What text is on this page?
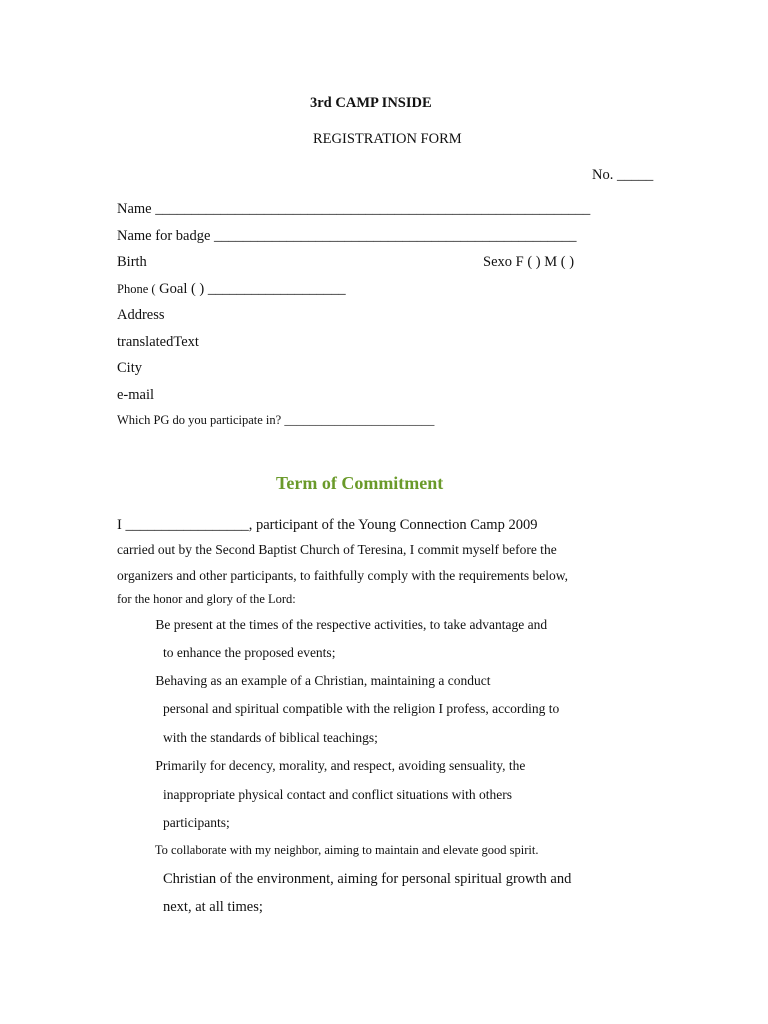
3rd CAMP INSIDE
REGISTRATION FORM
No. _____
Name ____________________________________________________________
Name for badge __________________________________________________
Birth	Sexo F ( ) M ( )
Phone ( Goal ( ) ___________________
Address
translatedText
City
e-mail
Which PG do you participate in? ________________________
Term of Commitment
I _________________, participant of the Young Connection Camp 2009
carried out by the Second Baptist Church of Teresina, I commit myself before the
organizers and other participants, to faithfully comply with the requirements below,
for the honor and glory of the Lord:
Be present at the times of the respective activities, to take advantage and
to enhance the proposed events;
Behaving as an example of a Christian, maintaining a conduct
personal and spiritual compatible with the religion I profess, according to
with the standards of biblical teachings;
Primarily for decency, morality, and respect, avoiding sensuality, the
inappropriate physical contact and conflict situations with others
participants;
To collaborate with my neighbor, aiming to maintain and elevate good spirit.
Christian of the environment, aiming for personal spiritual growth and
next, at all times;
